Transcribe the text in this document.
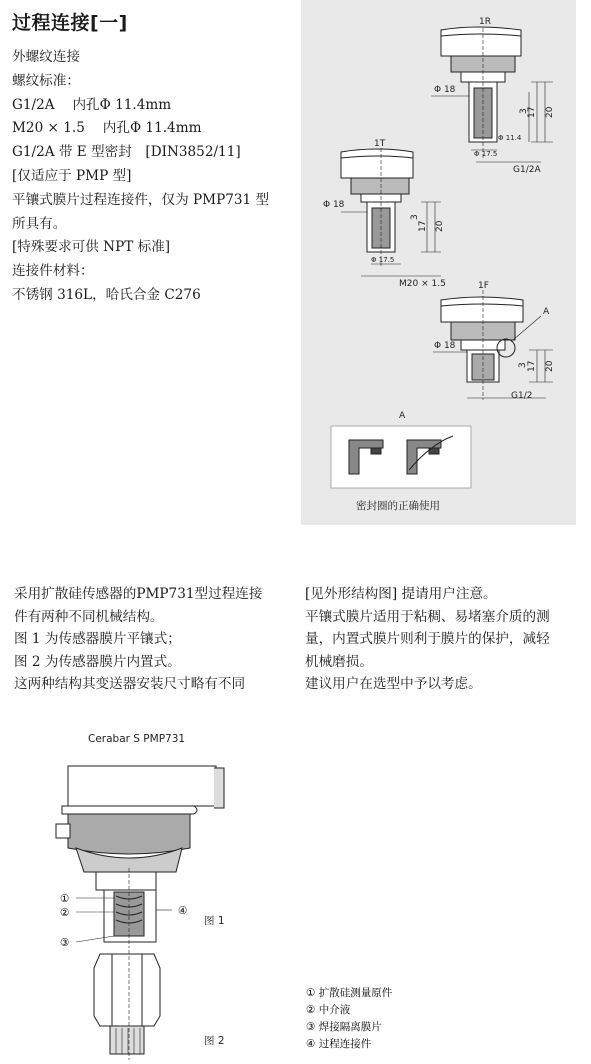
过程连接[一]
外螺纹连接
螺纹标准：
G1/2A　 内孔Φ 11.4mm
M20 × 1.5　 内孔Φ 11.4mm
G1/2A 带 E 型密封　[DIN3852/11]
[仅适应于 PMP 型]
平镶式膜片过程连接件，仅为 PMP731 型
所具有。
[特殊要求可供 NPT 标准]
连接件材料：
不锈钢 316L，哈氏合金 C276
1R
Φ 18
3
17 20
Φ 11.4
Φ 17.5
G1/2A
1T
Φ 18
3
17 20
Φ 17.5
M20 × 1.5	1F
A
Φ 18
3 17 20
G1/2
A
密封圈的正确使用
采用扩散硅传感器的PMP731型过程连接
件有两种不同机械结构。
图 1 为传感器膜片平镶式；
图 2 为传感器膜片内置式。
这两种结构其变送器安装尺寸略有不同
[见外形结构图] 提请用户注意。
平镶式膜片适用于粘稠、易堵塞介质的测
量，内置式膜片则利于膜片的保护，减轻
机械磨损。
建议用户在选型中予以考虑。
Cerabar S PMP731
①
②
③
④
图 1
图 2
① 扩散硅测量原件
② 中介液
③ 焊接隔离膜片
④ 过程连接件
